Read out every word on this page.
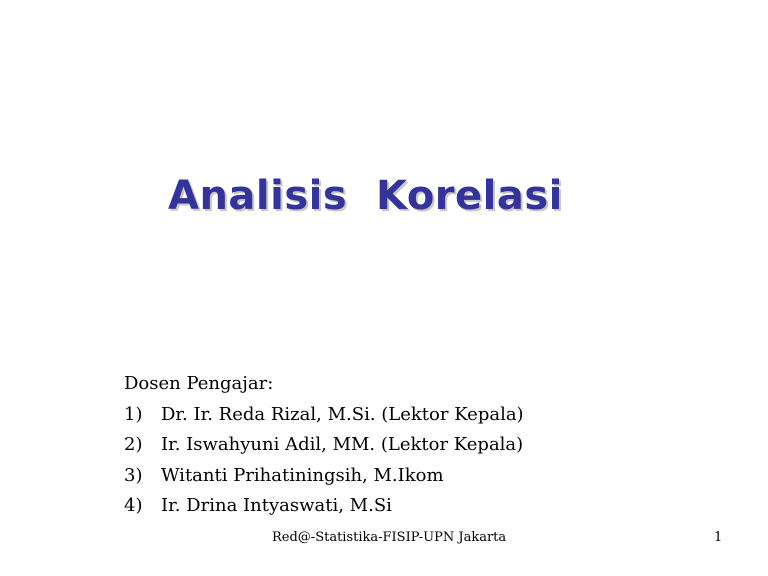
Analisis  Korelasi
Dosen Pengajar:
1)	Dr. Ir. Reda Rizal, M.Si. (Lektor Kepala)
2)	Ir. Iswahyuni Adil, MM. (Lektor Kepala)
3)	Witanti Prihatiningsih, M.Ikom
4)	Ir. Drina Intyaswati, M.Si
Red@-Statistika-FISIP-UPN Jakarta	1
